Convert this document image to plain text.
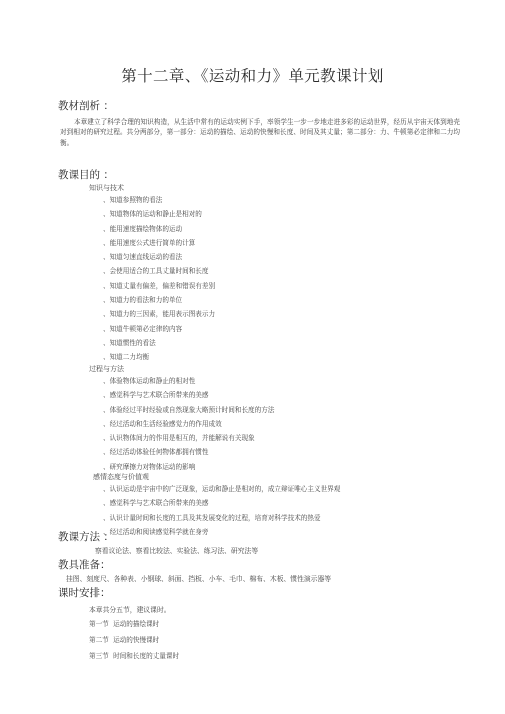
第十二章、《运动和力》单元教课计划
教材剖析 ：
本章建立了科学合理的知识构造，从生活中常有的运动实例下手，率领学生一步一步地走进多彩的运动世界，经历从宇宙天体到地壳对到相对的研究过程。共分两部分，第一部分：运动的描绘、运动的快慢和长度、时间及其丈量；第二部分：力、牛顿第必定律和二力均衡。
教课目的 ：
知识与技术
、知道参照物的看法
、知道物体的运动和静止是相对的
、能用速度描绘物体的运动
、能用速度公式进行简单的计算
、知道匀速直线运动的看法
、会使用适合的工具丈量时间和长度
、知道丈量有偏差，偏差和错误有差别
、知道力的看法和力的单位
、知道力的三因素，能用表示图表示力
、知道牛顿第必定律的内容
、知道惯性的看法
、知道二力均衡
过程与方法
、体验物体运动和静止的相对性
、感觉科学与艺术联合所带来的美感
、体验经过平时经验或自然现象大略预计时间和长度的方法
、经过活动和生活经验感觉力的作用成效
、认识物体间力的作用是相互的，并能解说有关现象
、经过活动体验任何物体都拥有惯性
、研究摩擦力对物体运动的影响
感情态度与价值观
、认识运动是宇宙中的广泛现象，运动和静止是相对的，成立辩证唯心主义世界观
、感觉科学与艺术联合所带来的美感
、认识计量时间和长度的工具及其发展变化的过程，培育对科学技术的热爱
、经过活动和阅读感觉科学就在身旁
教课方法 ：
察看议论法、察看比较法、实验法、练习法、研究法等
教具准备：
挂图、刻度尺、各种表、小钢球、斜面、挡板、小车、毛巾、棉布、木板、惯性演示器等
课时安排：
本章共分五节，建议课时。
第一节 运动的描绘课时
第二节 运动的快慢课时
第三节 时间和长度的丈量课时
